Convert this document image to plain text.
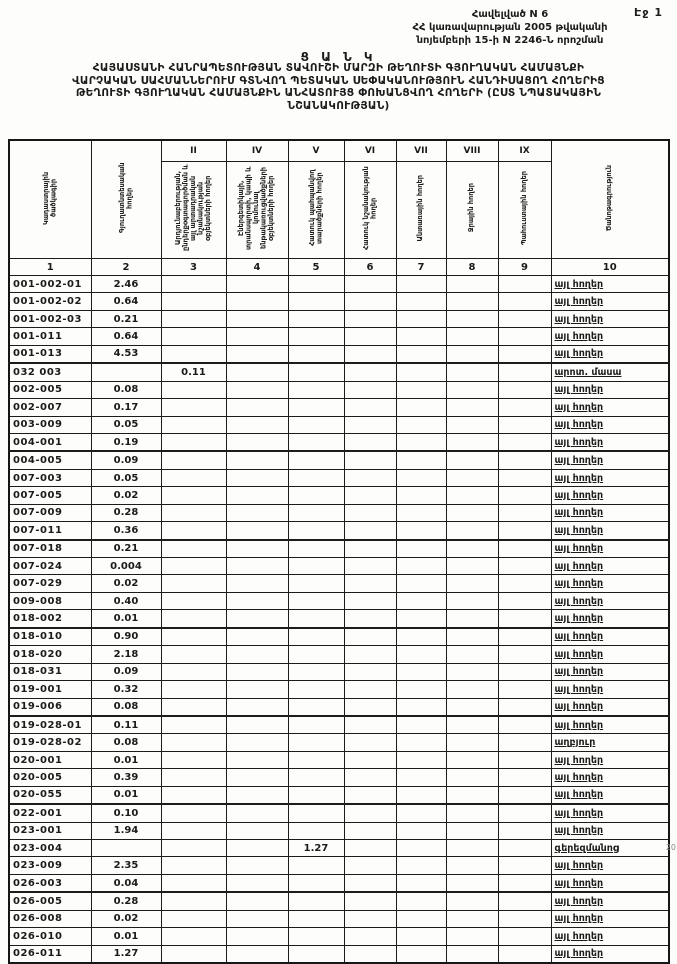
Էջ 1
Հավելված N 6
ՀՀ կառավարության 2005 թվականի
նոյեմբերի 15-ի N 2246-Ն որոշման
Ց Ա Ն Կ
ՀԱՅԱՍՏԱՆԻ ՀԱՆՐԱՊԵՏՈՒԹՅԱՆ ՏԱՎՈՒՇԻ ՄԱՐԶԻ ԹԵՂՈՒՏԻ ԳՅՈՒՂԱԿԱՆ ՀԱՄԱՅՆՔԻ
ՎԱՐՉԱԿԱՆ ՍԱՀՄԱՆՆԵՐՈՒՄ ԳՏՆՎՈՂ ՊԵՏԱԿԱՆ ՍԵՓԱԿԱՆՈՒԹՅՈՒՆ ՀԱՆԴԻՍԱՑՈՂ ՀՈՂԵՐԻՑ
ԹԵՂՈՒՏԻ ԳՅՈՒՂԱԿԱՆ ՀԱՄԱՅՆՔԻՆ ԱՆՀԱՏՈՒՅՑ ՓՈԽԱՆՑՎՈՂ ՀՈՂԵՐԻ (ԸՍՏ ՆՊԱՏԱԿԱՅԻՆ
ՆՇԱՆԱԿՈՒԹՅԱՆ)
Կադաստրային ծածկագիր	Գյուղատնտեսական հողեր	II	IV	V	VI	VII	VIII	IX	Ծանոթագրություն
		Արդյունաբերության, ընդերքօգտագործման և այլ արտադրական նշանակության օբյեկտների հողեր	Էներգետիկայի, տրանսպորտի, կապի և կոմունալ ենթակառուցվածքների օբյեկտների հողեր	Հատուկ պահպանվող տարածքների հողեր	Հատուկ նշանակության հողեր	Անտառային հողեր	Ջրային հողեր	Պահուստային հողեր	
1	2	3	4	5	6	7	8	9	10
001-002-01	2.46								այլ հողեր
001-002-02	0.64								այլ հողեր
001-002-03	0.21								այլ հողեր
001-011	0.64								այլ հողեր
001-013	4.53								այլ հողեր
032 003		0.11							արոտ. մասա
002-005	0.08								այլ հողեր
002-007	0.17								այլ հողեր
003-009	0.05								այլ հողեր
004-001	0.19								այլ հողեր
004-005	0.09								այլ հողեր
007-003	0.05								այլ հողեր
007-005	0.02								այլ հողեր
007-009	0.28								այլ հողեր
007-011	0.36								այլ հողեր
007-018	0.21								այլ հողեր
007-024	0.004								այլ հողեր
007-029	0.02								այլ հողեր
009-008	0.40								այլ հողեր
018-002	0.01								այլ հողեր
018-010	0.90								այլ հողեր
018-020	2.18								այլ հողեր
018-031	0.09								այլ հողեր
019-001	0.32								այլ հողեր
019-006	0.08								այլ հողեր
019-028-01	0.11								այլ հողեր
019-028-02	0.08								աղբյուր
020-001	0.01								այլ հողեր
020-005	0.39								այլ հողեր
020-055	0.01								այլ հողեր
022-001	0.10								այլ հողեր
023-001	1.94								այլ հողեր
023-004				1.27					գերեզմանոց
023-009	2.35								այլ հողեր
026-003	0.04								այլ հողեր
026-005	0.28								այլ հողեր
026-008	0.02								այլ հողեր
026-010	0.01								այլ հողեր
026-011	1.27								այլ հողեր
20
